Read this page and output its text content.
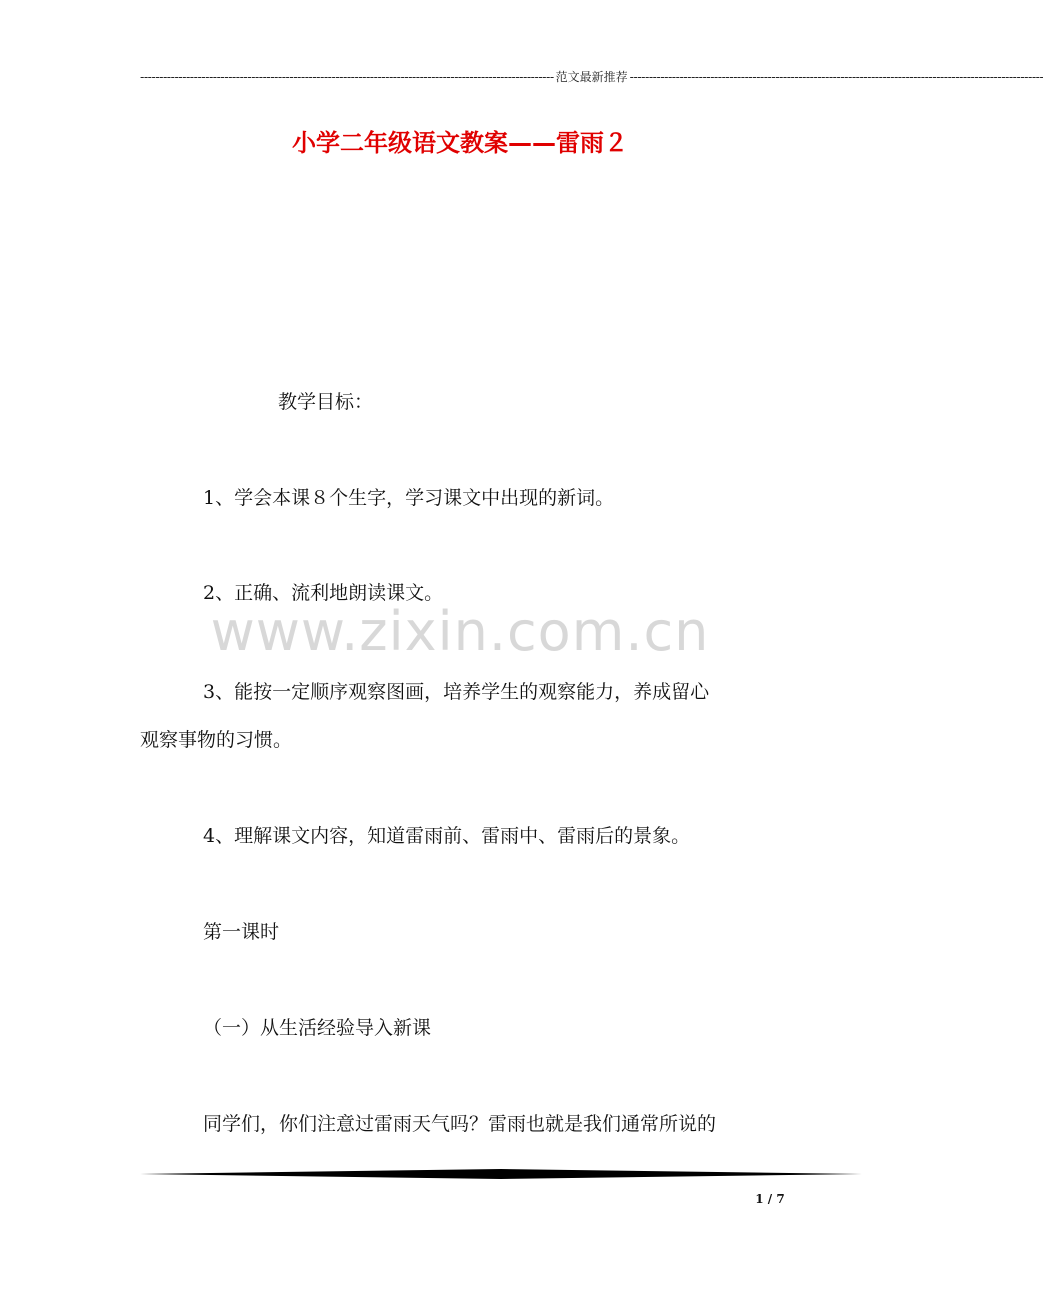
------------------------------------------------------------------------------------------------------------ 范文最新推荐 ------------------------------------------------------------------------------------------------------------
小学二年级语文教案——雷雨２
www.zixin.com.cn
教学目标：
1、学会本课８个生字，学习课文中出现的新词。
2、正确、流利地朗读课文。
3、能按一定顺序观察图画，培养学生的观察能力，养成留心
观察事物的习惯。
4、理解课文内容，知道雷雨前、雷雨中、雷雨后的景象。
第一课时
（一）从生活经验导入新课
同学们，你们注意过雷雨天气吗？雷雨也就是我们通常所说的
1 / 7
